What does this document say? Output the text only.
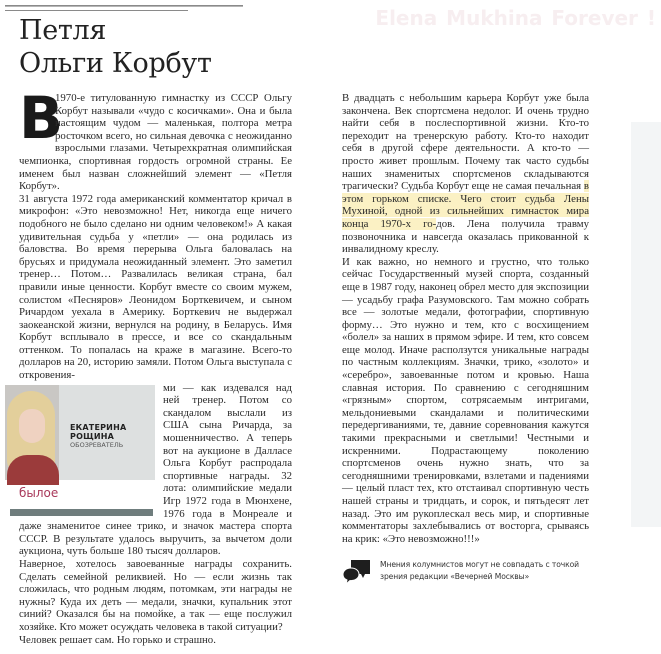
Elena Mukhina Forever !
Петля
Ольги Корбут

В
1970-е титулованную гимнастку из СССР Ольгу Корбут называли «чудо с косичками». Она и была настоящим чудом — маленькая, полтора метра росточком всего, но сильная девочка с неожиданно взрослыми глазами. Четырехкратная олимпийская чемпионка, спортивная гордость огромной страны. Ее именем был назван сложнейший элемент — «Петля Корбут».

31 августа 1972 года американский комментатор кричал в микрофон: «Это невозможно! Нет, никогда еще ничего подобного не было сделано ни одним человеком!» А какая удивительная судьба у «петли» — она родилась из баловства. Во время перерыва Ольга баловалась на брусьях и придумала неожиданный элемент. Это заметил тренер… Потом… Развалилась великая страна, бал правили иные ценности. Корбут вместе со своим мужем, солистом «Песняров» Леонидом Борткевичем, и сыном Ричардом уехала в Америку. Борткевич не выдержал заокеанской жизни, вернулся на родину, в Беларусь. Имя Корбут всплывало в прессе, и все со скандальным оттенком. То попалась на краже в магазине. Всего-то долларов на 20, историю замяли. Потом Ольга выступала с откровения-

ЕКАТЕРИНА
РОЩИНА
ОБОЗРЕВАТЕЛЬ
былое
ми — как издевался над ней тренер. Потом со скандалом выслали из США сына Ричарда, за мошенничество. А теперь вот на аукционе в Далласе Ольга Корбут распродала спортивные награды. 32 лота: олимпийские медали Игр 1972 года в Мюнхене, 1976 года в Монреале и даже знаменитое синее трико, и значок мастера спорта СССР. В результате удалось выручить, за вычетом доли аукциона, чуть больше 180 тысяч долларов.

Наверное, хотелось завоеванные награды сохранить. Сделать семейной реликвией. Но — если жизнь так сложилась, что родным людям, потомкам, эти награды не нужны? Куда их деть — медали, значки, купальник этот синий? Оказался бы на помойке, а так — еще послужил хозяйке. Кто может осуждать человека в такой ситуации?

Человек решает сам. Но горько и страшно.

В двадцать с небольшим карьера Корбут уже была закончена. Век спортсмена недолог. И очень трудно найти себя в послеспортивной жизни. Кто-то переходит на тренерскую работу. Кто-то находит себя в другой сфере деятельности. А кто-то — просто живет прошлым. Почему так часто судьбы наших знаменитых спортсменов складываются трагически? Судьба Корбут еще не самая печальная в этом горьком списке. Чего стоит судьба Лены Мухиной, одной из сильнейших гимнасток мира конца 1970-х го-дов. Лена получила травму позвоночника и навсегда оказалась прикованной к инвалидному креслу.

И как важно, но немного и грустно, что только сейчас Государственный музей спорта, созданный еще в 1987 году, наконец обрел место для экспозиции — усадьбу графа Разумовского. Там можно собрать все — золотые медали, фотографии, спортивную форму… Это нужно и тем, кто с восхищением «болел» за наших в прямом эфире. И тем, кто совсем еще молод. Иначе расползутся уникальные награды по частным коллекциям. Значки, трико, «золото» и «серебро», завоеванные потом и кровью. Наша славная история. По сравнению с сегодняшним «грязным» спортом, сотрясаемым интригами, мельдониевыми скандалами и политическими передергиваниями, те, давние соревнования кажутся такими прекрасными и светлыми! Честными и искренними. Подрастающему поколению спортсменов очень нужно знать, что за сегодняшними тренировками, взлетами и падениями — целый пласт тех, кто отстаивал спортивную честь нашей страны и тридцать, и сорок, и пятьдесят лет назад. Это им рукоплескал весь мир, и спортивные комментаторы захлебывались от восторга, срываясь на крик: «Это невозможно!!!»

Мнения колумнистов могут не совпадать с точкой
зрения редакции «Вечерней Москвы»
